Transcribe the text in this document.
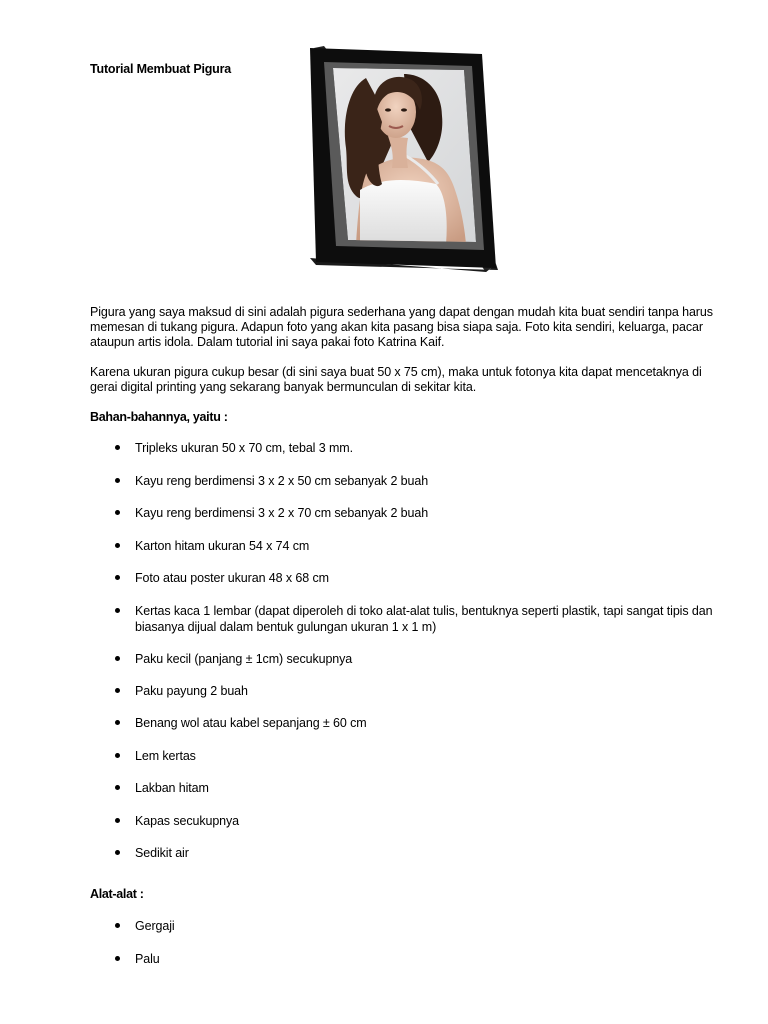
Tutorial Membuat Pigura

Pigura yang saya maksud di sini adalah pigura sederhana yang dapat dengan mudah kita buat sendiri tanpa harus memesan di tukang pigura. Adapun foto yang akan kita pasang bisa siapa saja. Foto kita sendiri, keluarga, pacar ataupun artis idola. Dalam tutorial ini saya pakai foto Katrina Kaif.

Karena ukuran pigura cukup besar (di sini saya buat 50 x 75 cm), maka untuk fotonya kita dapat mencetaknya di gerai digital printing yang sekarang banyak bermunculan di sekitar kita.

Bahan-bahannya, yaitu :
Tripleks ukuran 50 x 70 cm, tebal 3 mm.
Kayu reng berdimensi 3 x 2 x 50 cm sebanyak 2 buah
Kayu reng berdimensi 3 x 2 x 70 cm sebanyak 2 buah
Karton hitam ukuran 54 x 74 cm
Foto atau poster ukuran 48 x 68 cm
Kertas kaca 1 lembar (dapat diperoleh di toko alat-alat tulis, bentuknya seperti plastik, tapi sangat tipis dan biasanya dijual dalam bentuk gulungan ukuran 1 x 1 m)
Paku kecil (panjang ± 1cm) secukupnya
Paku payung 2 buah
Benang wol atau kabel sepanjang ± 60 cm
Lem kertas
Lakban hitam
Kapas secukupnya
Sedikit air
Alat-alat :
Gergaji
Palu
